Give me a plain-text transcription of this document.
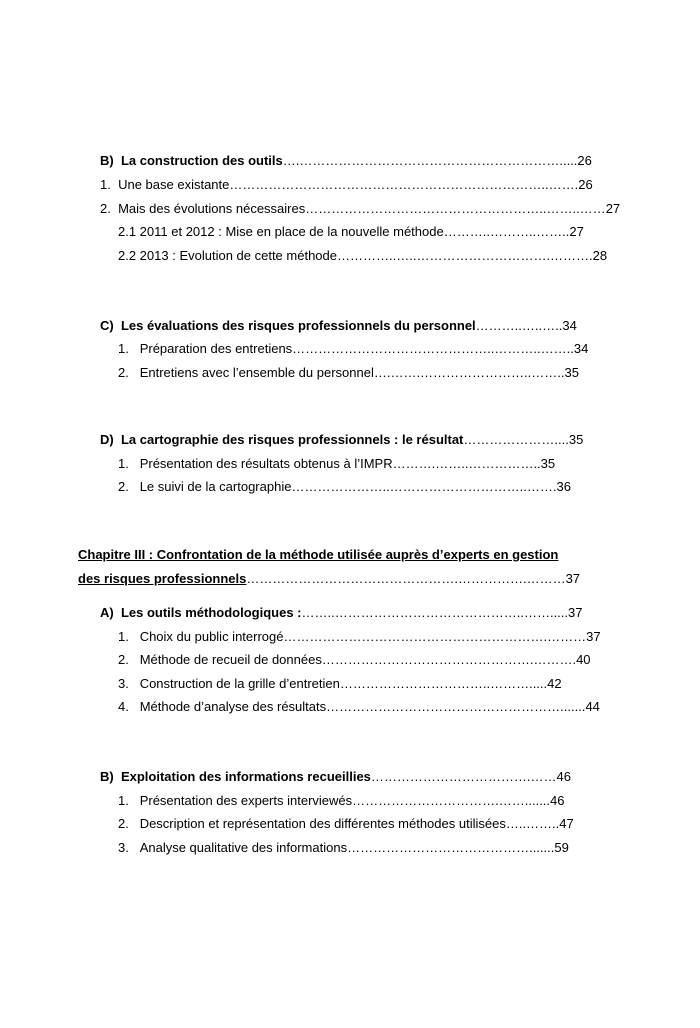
B) La construction des outils….…………………………………………………….....26
1. Une base existante………………………………………………………………..…….26
2. Mais des évolutions nécessaires………………………………………………..……..……27
2.1 2011 et 2012 : Mise en place de la nouvelle méthode………..………..……..27
2.2 2013 : Evolution de cette méthode…………..…..………………………….……….28
C) Les évaluations des risques professionnels du personnel………..…..…..34
1. Préparation des entretiens………………………………………..………..……..34
2. Entretiens avec l’ensemble du personnel….…….……………………..……..35
D) La cartographie des risques professionnels : le résultat…………………....35
1. Présentation des résultats obtenus à l’IMPR……….……..……………..35
2. Le suivi de la cartographie…………………..…………………………..…….36
Chapitre III : Confrontation de la méthode utilisée auprès d’experts en gestion
des risques professionnels………………………………………….…………….………37
A) Les outils méthodologiques :……..……………………………………..…….....37
1. Choix du public interrogé…………………………………………………….………37
2. Méthode de recueil de données………………………………………….……….40
3. Construction de la grille d’entretien……………………………..……….....42
4. Méthode d’analyse des résultats……………………………………………….......44
B) Exploitation des informations recueillies……………………………….……46
1. Présentation des experts interviewés…………………………….…….......46
2. Description et représentation des différentes méthodes utilisées…..……..47
3. Analyse qualitative des informations…………………………………….......59
